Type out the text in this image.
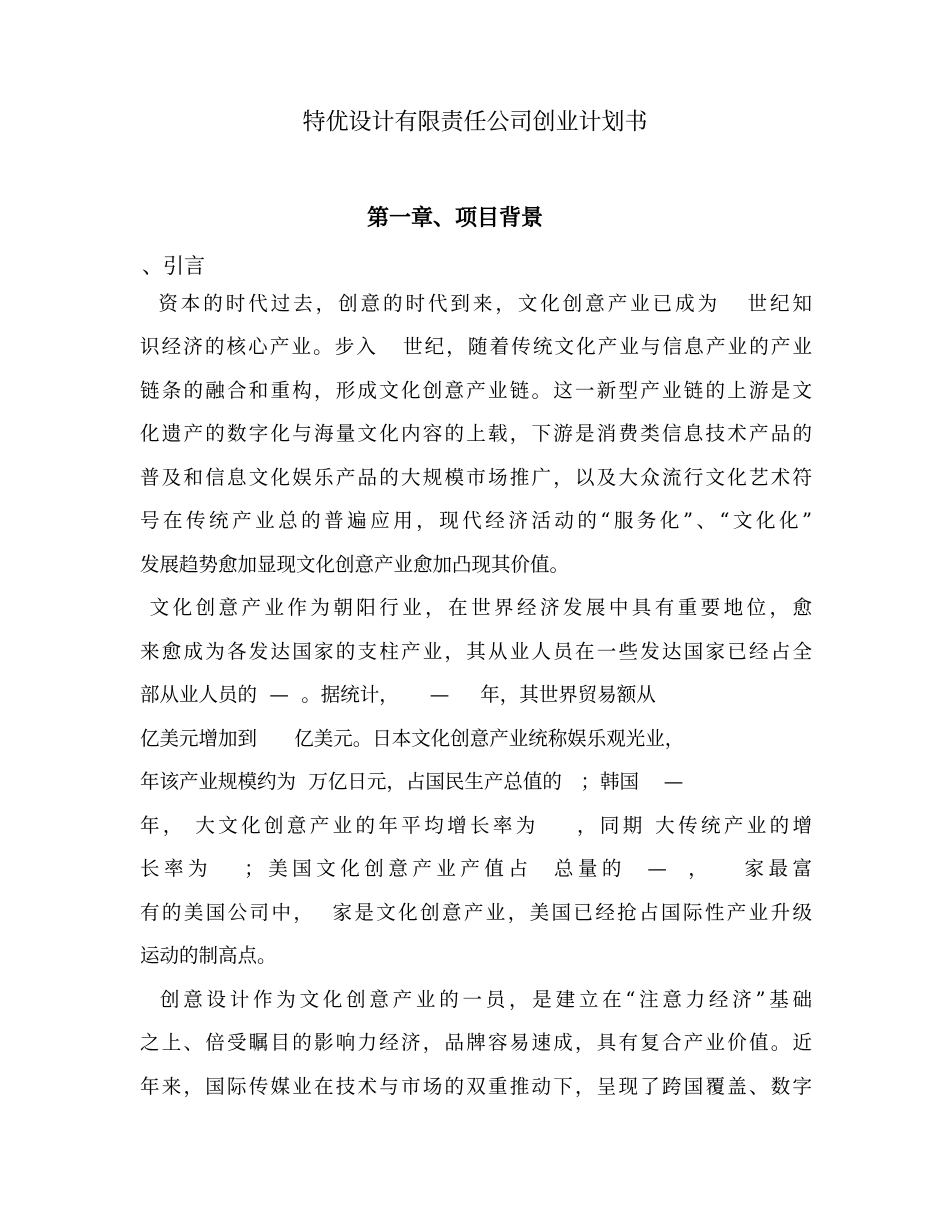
特优设计有限责任公司创业计划书
第一章、项目背景
、引言
资本的时代过去，创意的时代到来，文化创意产业已成为   世纪知
识经济的核心产业。步入   世纪，随着传统文化产业与信息产业的产业
链条的融合和重构，形成文化创意产业链。这一新型产业链的上游是文
化遗产的数字化与海量文化内容的上载，下游是消费类信息技术产品的
普及和信息文化娱乐产品的大规模市场推广，以及大众流行文化艺术符
号在传统产业总的普遍应用，现代经济活动的“服务化”、“文化化”
发展趋势愈加显现文化创意产业愈加凸现其价值。
文化创意产业作为朝阳行业，在世界经济发展中具有重要地位，愈
来愈成为各发达国家的支柱产业，其从业人员在一些发达国家已经占全
部从业人员的  —  。据统计，     —     年，其世界贸易额从
亿美元增加到      亿美元。日本文化创意产业统称娱乐观光业，
年该产业规模约为  万亿日元，占国民生产总值的   ；韩国    —
年， 大文化创意产业的年平均增长率为    ，同期 大传统产业的增
长率为   ；美国文化创意产业产值占  总量的  —  ，   家最富
有的美国公司中，  家是文化创意产业，美国已经抢占国际性产业升级
运动的制高点。
创意设计作为文化创意产业的一员，是建立在“注意力经济”基础
之上、倍受瞩目的影响力经济，品牌容易速成，具有复合产业价值。近
年来，国际传媒业在技术与市场的双重推动下，呈现了跨国覆盖、数字
